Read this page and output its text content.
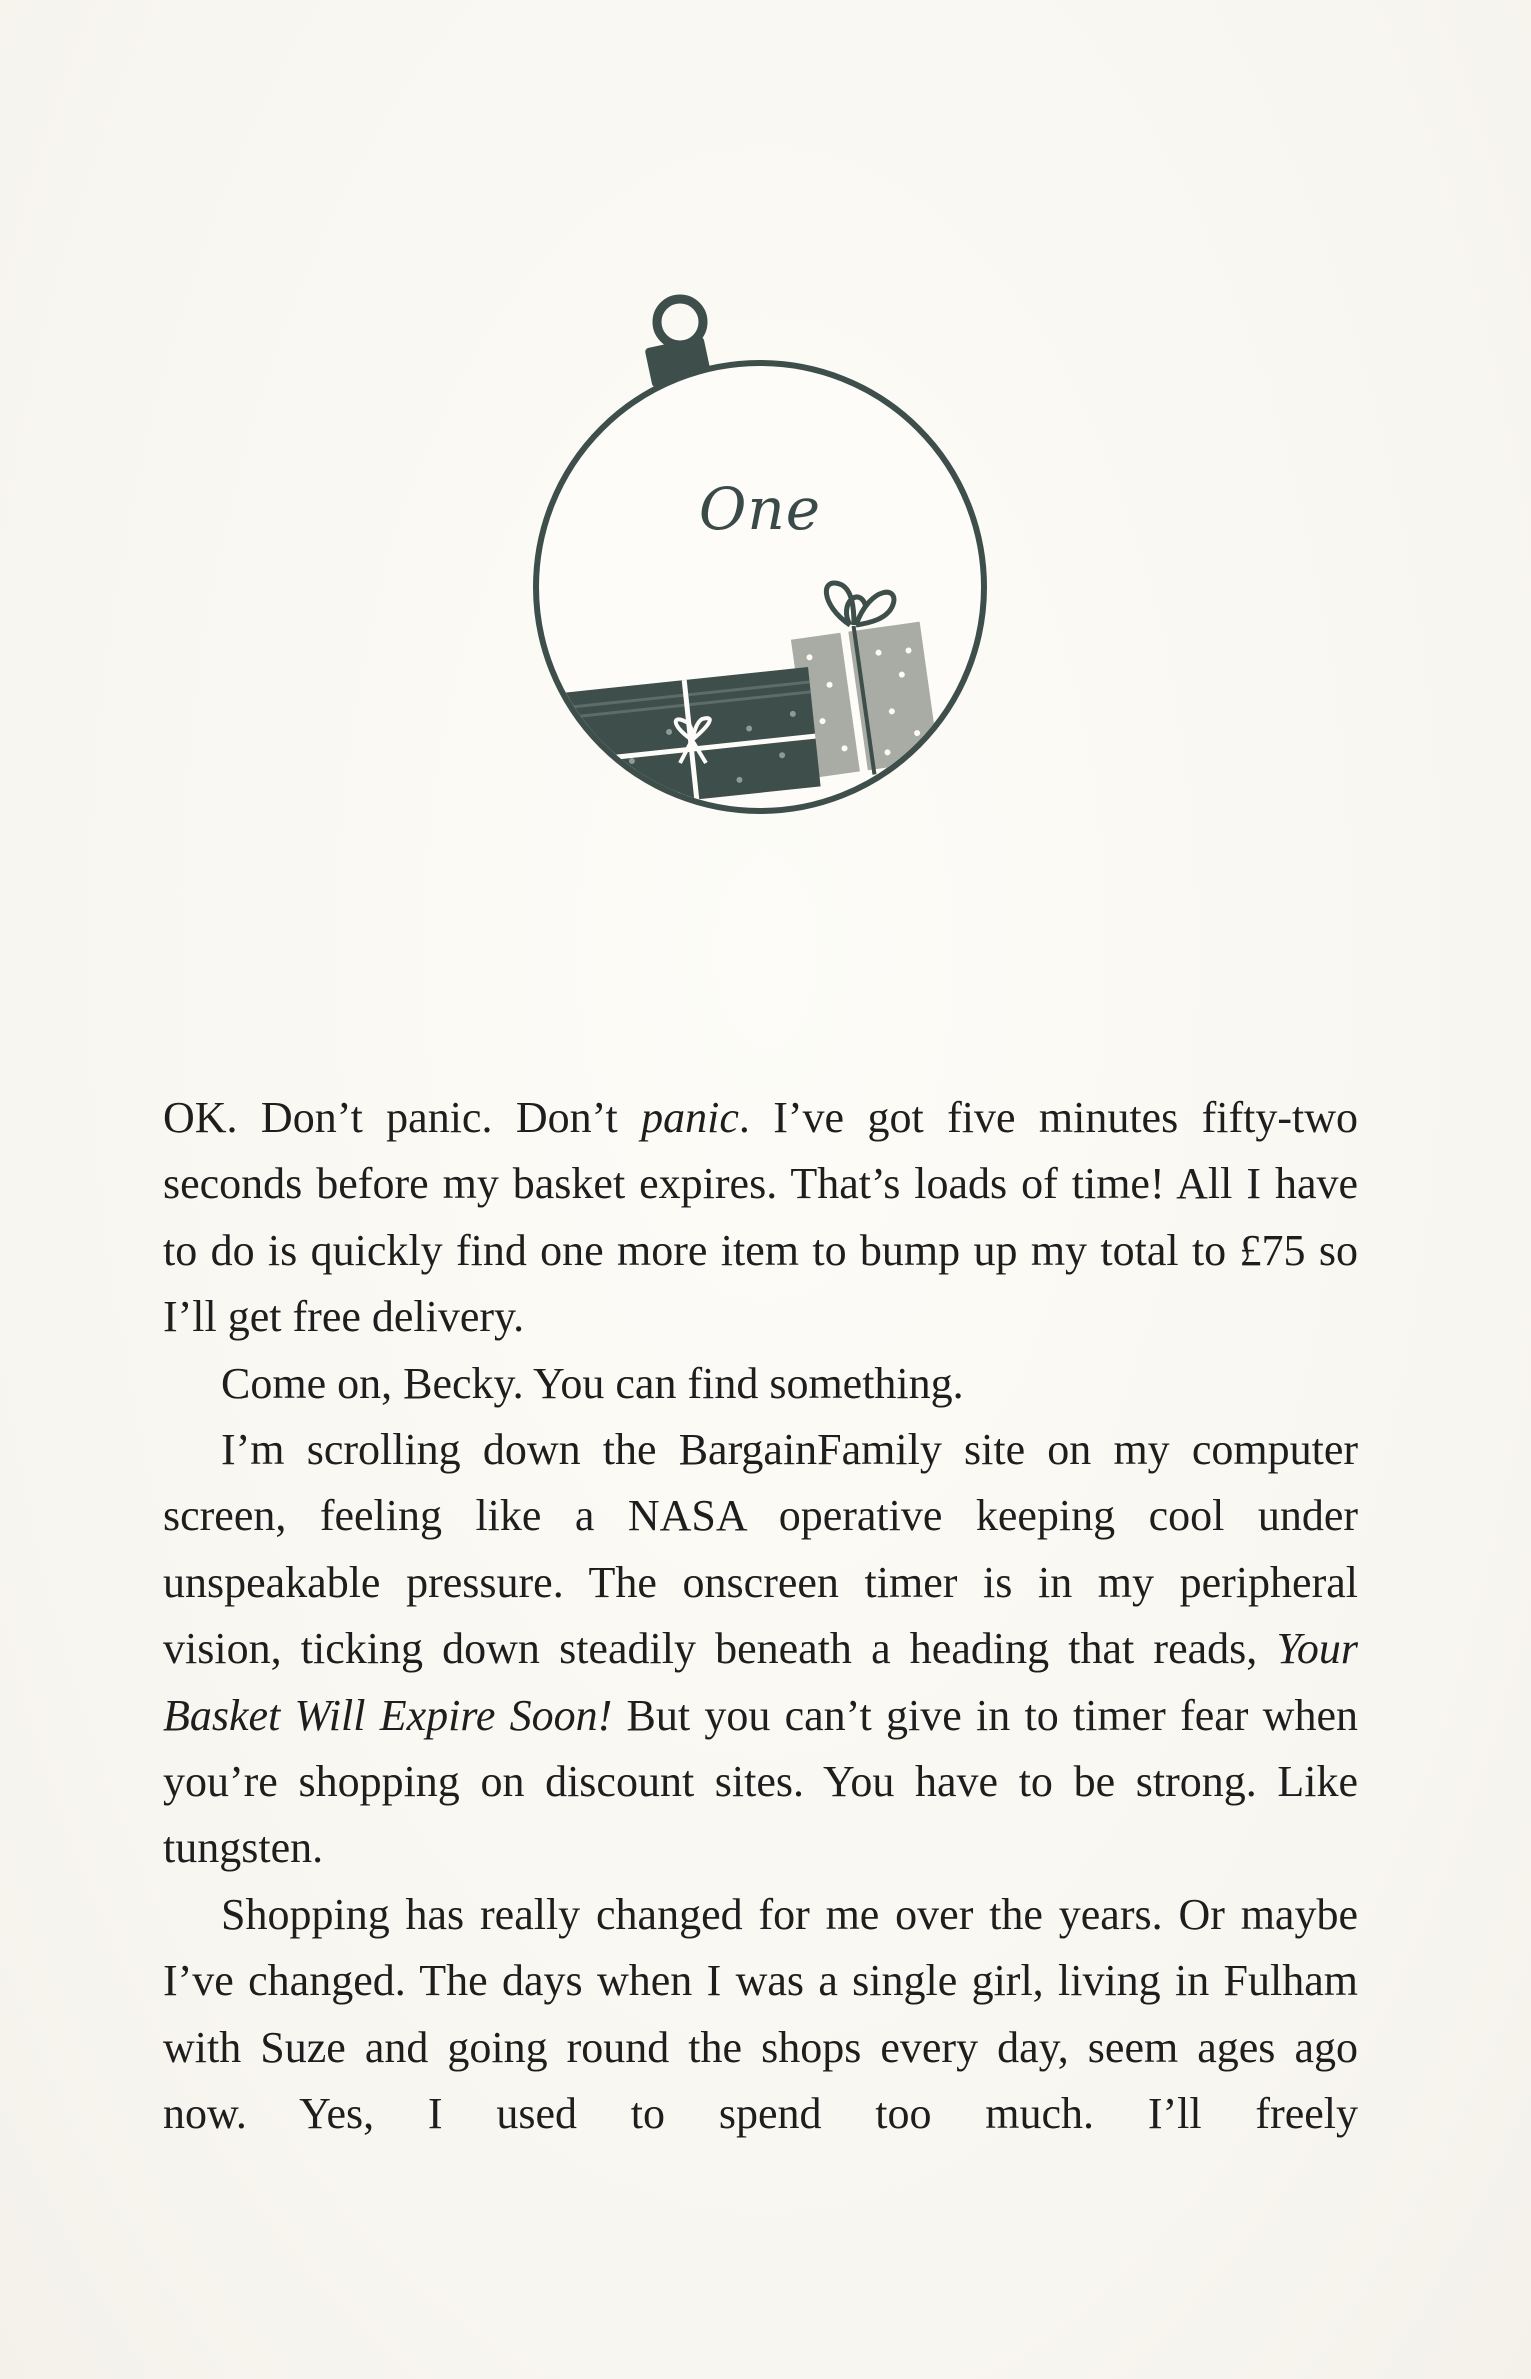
One

OK. Don’t panic. Don’t panic. I’ve got five minutes fifty-two seconds before my basket expires. That’s loads of time! All I have to do is quickly find one more item to bump up my total to £75 so I’ll get free delivery.

Come on, Becky. You can find something.

I’m scrolling down the BargainFamily site on my computer screen, feeling like a NASA operative keeping cool under unspeakable pressure. The onscreen timer is in my peripheral vision, ticking down steadily beneath a heading that reads, Your Basket Will Expire Soon! But you can’t give in to timer fear when you’re shopping on discount sites. You have to be strong. Like tungsten.

Shopping has really changed for me over the years. Or maybe I’ve changed. The days when I was a single girl, living in Fulham with Suze and going round the shops every day, seem ages ago now. Yes, I used to spend too much. I’ll freely
